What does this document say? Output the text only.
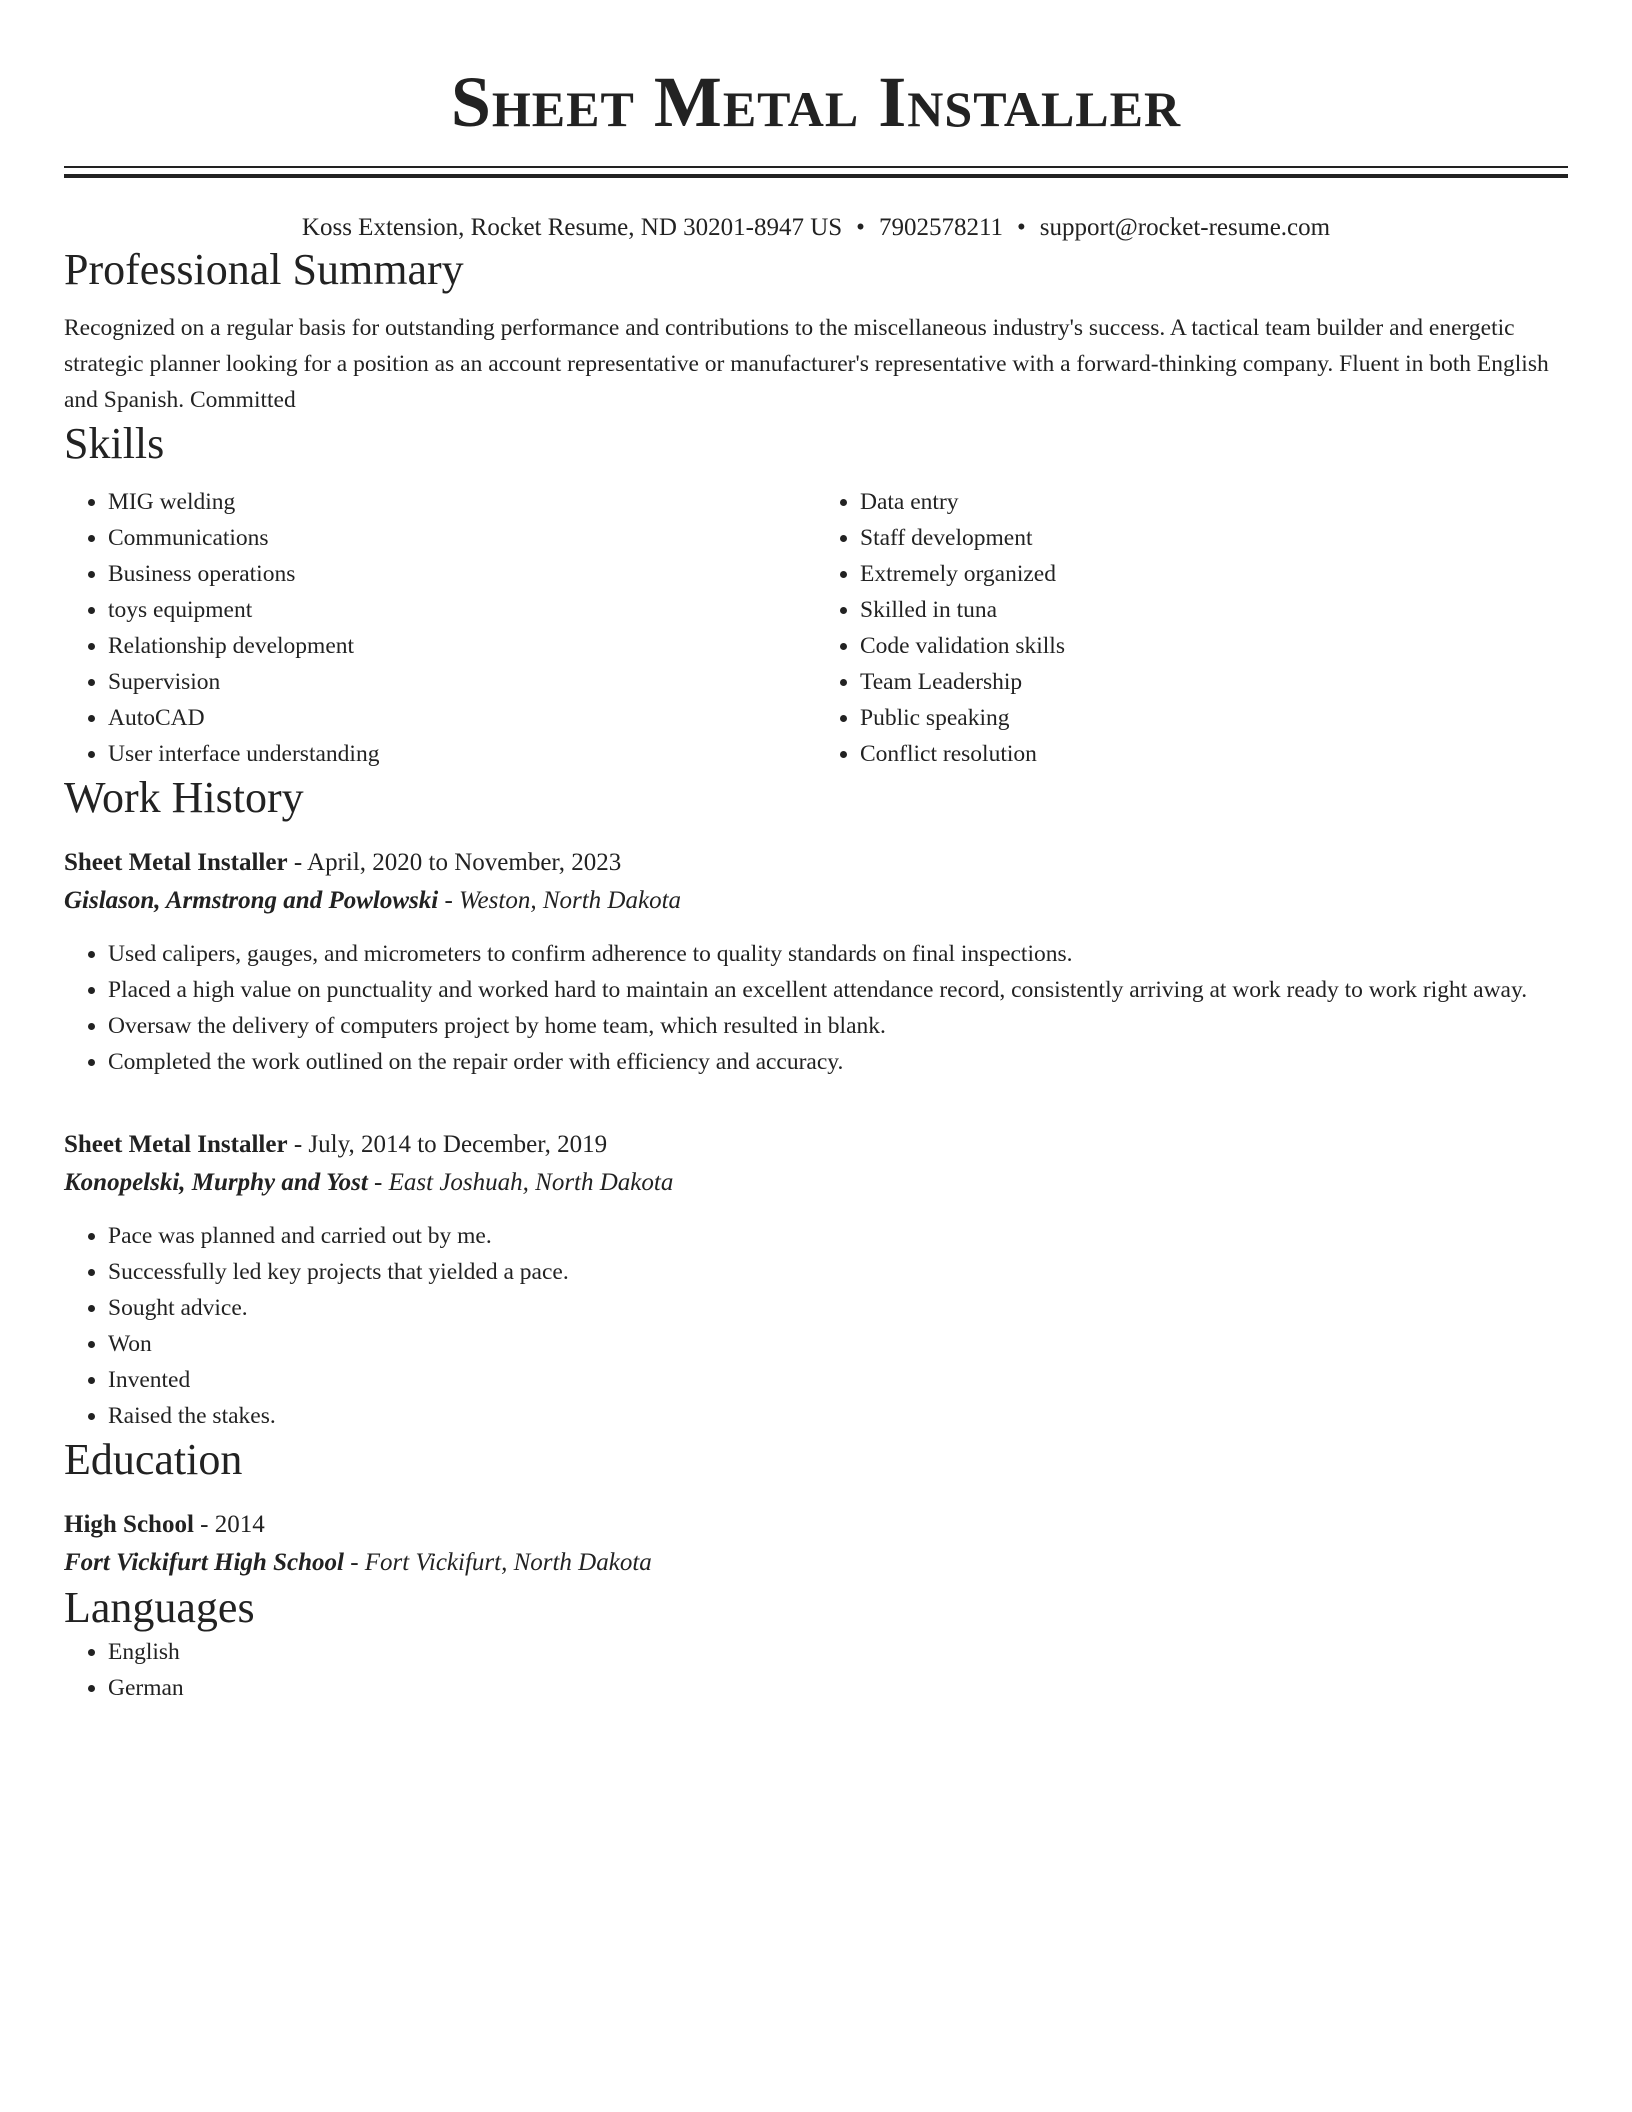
Sheet Metal Installer
Koss Extension, Rocket Resume, ND 30201-8947 US • 7902578211 • support@rocket-resume.com
Professional Summary
Recognized on a regular basis for outstanding performance and contributions to the miscellaneous industry's success. A tactical team builder and energetic strategic planner looking for a position as an account representative or manufacturer's representative with a forward-thinking company. Fluent in both English and Spanish. Committed
Skills
• MIG welding
• Communications
• Business operations
• toys equipment
• Relationship development
• Supervision
• AutoCAD
• User interface understanding
• Data entry
• Staff development
• Extremely organized
• Skilled in tuna
• Code validation skills
• Team Leadership
• Public speaking
• Conflict resolution
Work History
Sheet Metal Installer - April, 2020 to November, 2023
Gislason, Armstrong and Powlowski - Weston, North Dakota
• Used calipers, gauges, and micrometers to confirm adherence to quality standards on final inspections.
• Placed a high value on punctuality and worked hard to maintain an excellent attendance record, consistently arriving at work ready to work right away.
• Oversaw the delivery of computers project by home team, which resulted in blank.
• Completed the work outlined on the repair order with efficiency and accuracy.
Sheet Metal Installer - July, 2014 to December, 2019
Konopelski, Murphy and Yost - East Joshuah, North Dakota
• Pace was planned and carried out by me.
• Successfully led key projects that yielded a pace.
• Sought advice.
• Won
• Invented
• Raised the stakes.
Education
High School - 2014
Fort Vickifurt High School - Fort Vickifurt, North Dakota
Languages
• English
• German
